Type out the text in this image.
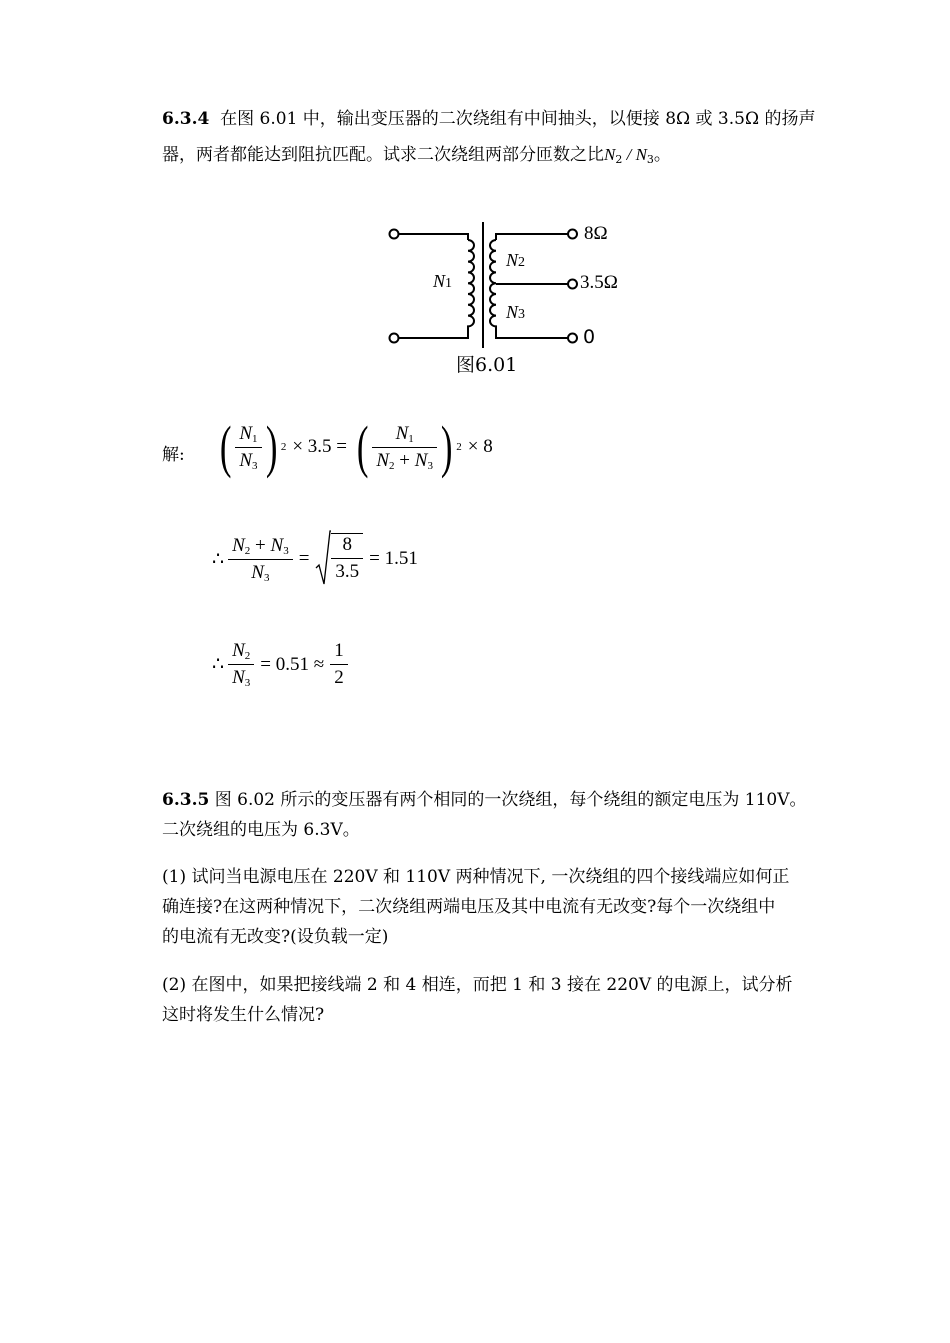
6.3.4 在图 6.01 中，输出变压器的二次绕组有中间抽头，以便接 8Ω 或 3.5Ω 的扬声
器，两者都能达到阻抗匹配。试求二次绕组两部分匝数之比$N_2 / N_3$。
N1
N2
N3
8Ω
3.5Ω
0
图6.01
解: ( $\frac{N_1}{N_3}$ ) 2 × 3.5 = ( $\frac{N_1}{N_2 + N_3}$ ) 2 × 8
∴ $\frac{N_2 + N_3}{N_3} = \frac{8}{3.5} = 1.51$
∴ $\frac{N_2}{N_3} = 0.51 \approx \frac{1}{2}$
6.3.5 图 6.02 所示的变压器有两个相同的一次绕组，每个绕组的额定电压为 110V。
二次绕组的电压为 6.3V。
(1) 试问当电源电压在 220V 和 110V 两种情况下, 一次绕组的四个接线端应如何正
确连接?在这两种情况下，二次绕组两端电压及其中电流有无改变?每个一次绕组中
的电流有无改变?(设负载一定)
(2) 在图中，如果把接线端 2 和 4 相连，而把 1 和 3 接在 220V 的电源上，试分析
这时将发生什么情况?
